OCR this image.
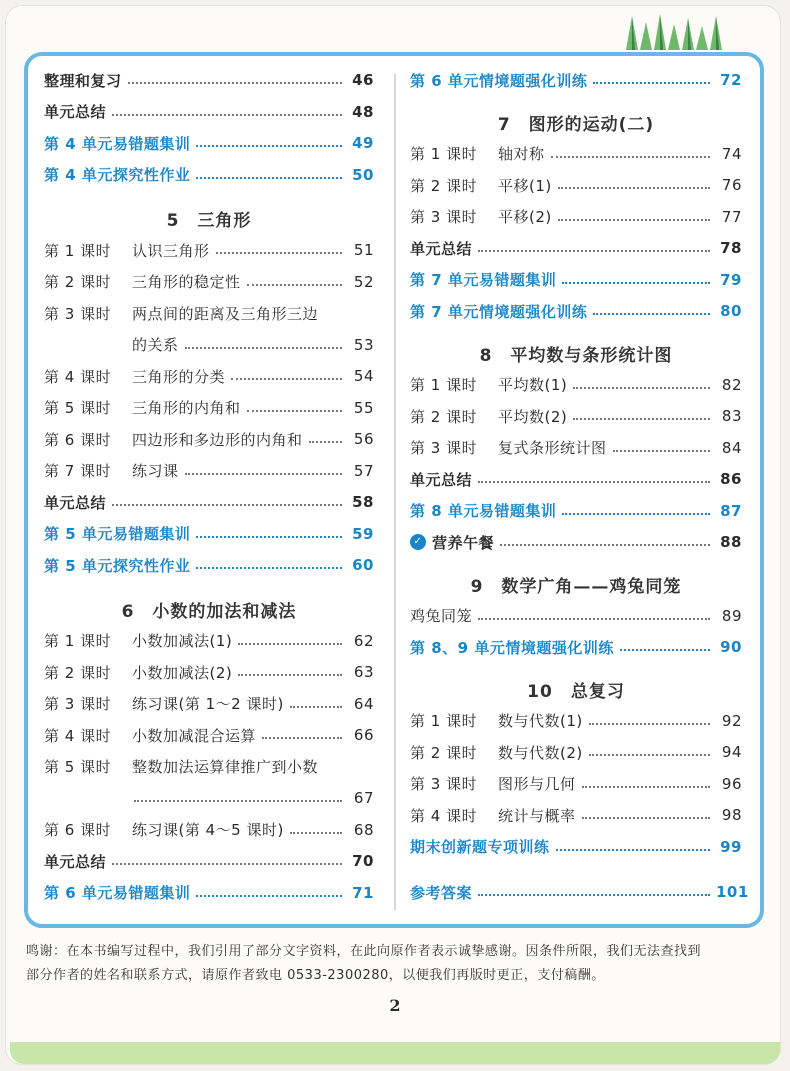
整理和复习	46
单元总结	48
第 4 单元易错题集训	49
第 4 单元探究性作业	50
5　三角形
第 1 课时	认识三角形	51
第 2 课时	三角形的稳定性	52
第 3 课时	两点间的距离及三角形三边
的关系	53
第 4 课时	三角形的分类	54
第 5 课时	三角形的内角和	55
第 6 课时	四边形和多边形的内角和	56
第 7 课时	练习课	57
单元总结	58
第 5 单元易错题集训	59
第 5 单元探究性作业	60
6　小数的加法和减法
第 1 课时	小数加减法(1)	62
第 2 课时	小数加减法(2)	63
第 3 课时	练习课(第 1～2 课时)	64
第 4 课时	小数加减混合运算	66
第 5 课时	整数加法运算律推广到小数
67
第 6 课时	练习课(第 4～5 课时)	68
单元总结	70
第 6 单元易错题集训	71
第 6 单元情境题强化训练	72
7　图形的运动(二)
第 1 课时	轴对称	74
第 2 课时	平移(1)	76
第 3 课时	平移(2)	77
单元总结	78
第 7 单元易错题集训	79
第 7 单元情境题强化训练	80
8　平均数与条形统计图
第 1 课时	平均数(1)	82
第 2 课时	平均数(2)	83
第 3 课时	复式条形统计图	84
单元总结	86
第 8 单元易错题集训	87
✓ 营养午餐	88
9　数学广角——鸡兔同笼
鸡兔同笼	89
第 8、9 单元情境题强化训练	90
10　总复习
第 1 课时	数与代数(1)	92
第 2 课时	数与代数(2)	94
第 3 课时	图形与几何	96
第 4 课时	统计与概率	98
期末创新题专项训练	99
参考答案	101
鸣谢：在本书编写过程中，我们引用了部分文字资料，在此向原作者表示诚挚感谢。因条件所限，我们无法查找到
部分作者的姓名和联系方式，请原作者致电 0533-2300280，以便我们再版时更正，支付稿酬。
2
